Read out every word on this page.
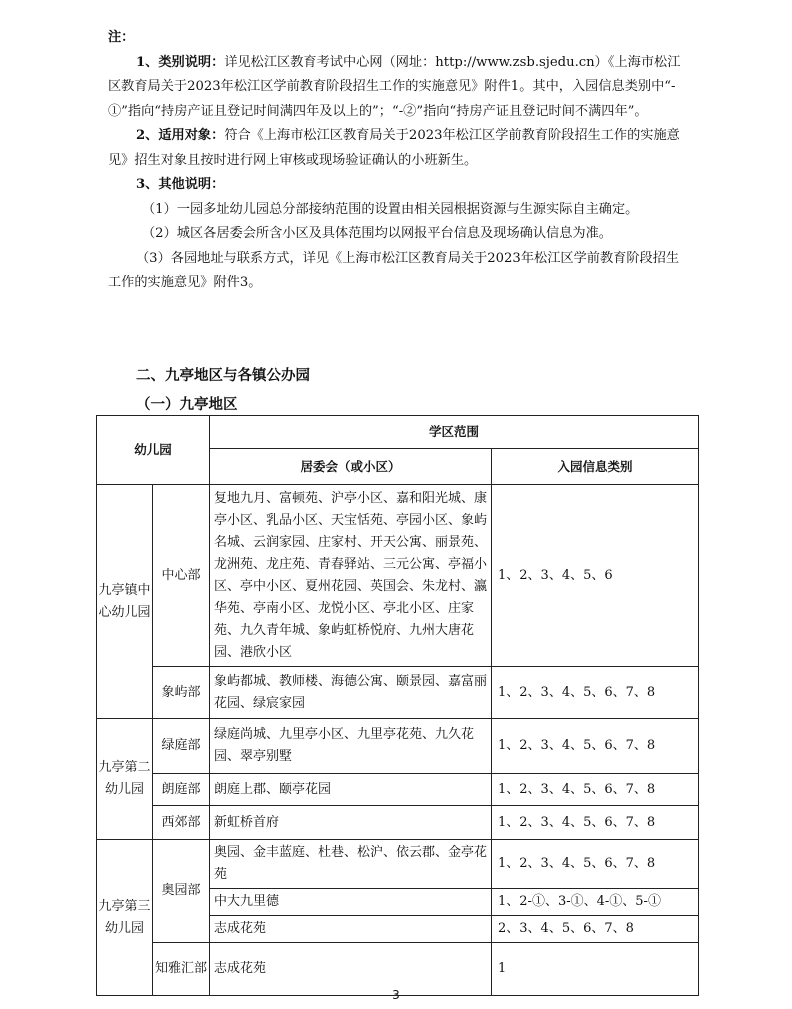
注：

1、类别说明：详见松江区教育考试中心网（网址：http://www.zsb.sjedu.cn）《上海市松江区教育局关于2023年松江区学前教育阶段招生工作的实施意见》附件1。其中，入园信息类别中“-①”指向“持房产证且登记时间满四年及以上的”；“-②”指向“持房产证且登记时间不满四年”。

2、适用对象：符合《上海市松江区教育局关于2023年松江区学前教育阶段招生工作的实施意见》招生对象且按时进行网上审核或现场验证确认的小班新生。

3、其他说明：

（1）一园多址幼儿园总分部接纳范围的设置由相关园根据资源与生源实际自主确定。

（2）城区各居委会所含小区及具体范围均以网报平台信息及现场确认信息为准。

（3）各园地址与联系方式，详见《上海市松江区教育局关于2023年松江区学前教育阶段招生工作的实施意见》附件3。

二、九亭地区与各镇公办园
（一）九亭地区
幼儿园		学区范围	
		居委会（或小区）	入园信息类别
九亭镇中心幼儿园	中心部	复地九月、富顿苑、沪亭小区、嘉和阳光城、康亭小区、乳品小区、天宝恬苑、亭园小区、象屿名城、云润家园、庄家村、开天公寓、丽景苑、龙洲苑、龙庄苑、青春驿站、三元公寓、亭福小区、亭中小区、夏州花园、英国会、朱龙村、瀛华苑、亭南小区、龙悦小区、亭北小区、庄家苑、九久青年城、象屿虹桥悦府、九州大唐花园、港欣小区	1、2、3、4、5、6
	象屿部	象屿都城、教师楼、海德公寓、颐景园、嘉富丽花园、绿宸家园	1、2、3、4、5、6、7、8
九亭第二幼儿园	绿庭部	绿庭尚城、九里亭小区、九里亭花苑、九久花园、翠亭别墅	1、2、3、4、5、6、7、8
	朗庭部	朗庭上郡、颐亭花园	1、2、3、4、5、6、7、8
	西郊部	新虹桥首府	1、2、3、4、5、6、7、8
九亭第三幼儿园	奥园部	奥园、金丰蓝庭、杜巷、松沪、依云郡、金亭花苑	1、2、3、4、5、6、7、8
		中大九里德	1、2-①、3-①、4-①、5-①
		志成花苑	2、3、4、5、6、7、8
	知雅汇部	志成花苑	1
3
